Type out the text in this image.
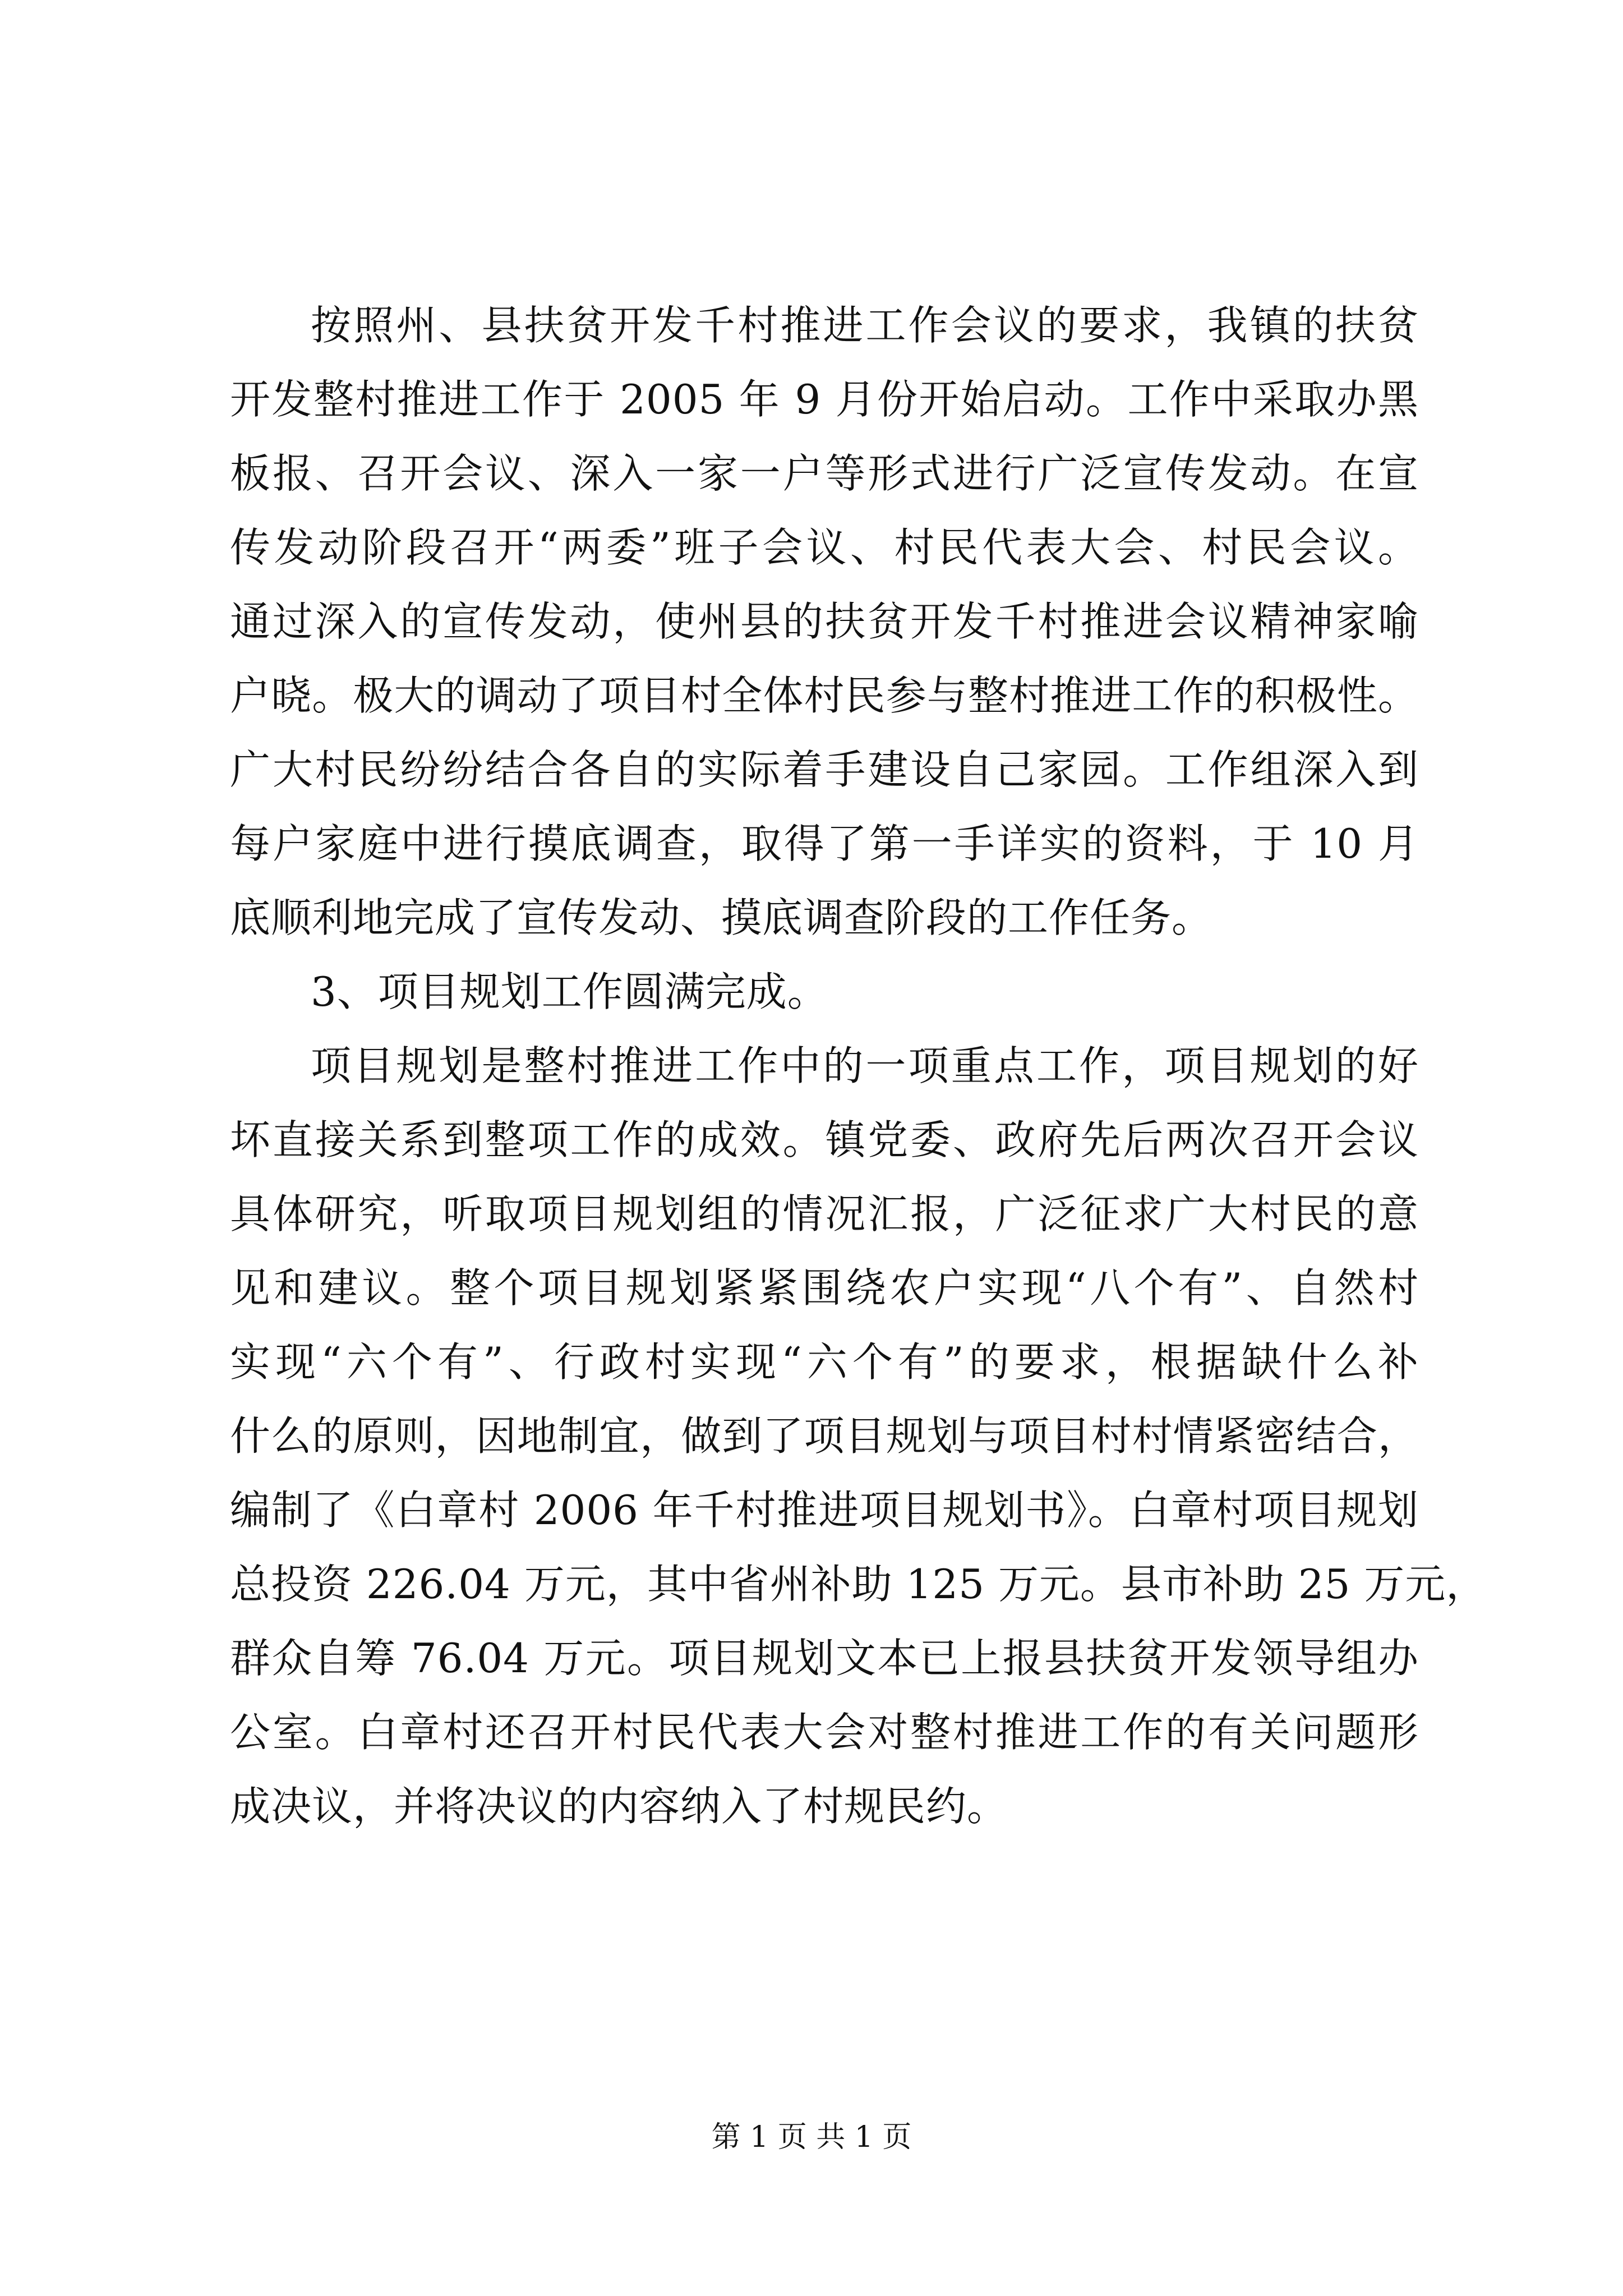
按照州、县扶贫开发千村推进工作会议的要求，我镇的扶贫
开发整村推进工作于 2005 年 9 月份开始启动。工作中采取办黑
板报、召开会议、深入一家一户等形式进行广泛宣传发动。在宣
传发动阶段召开“两委”班子会议、村民代表大会、村民会议。
通过深入的宣传发动，使州县的扶贫开发千村推进会议精神家喻
户晓。极大的调动了项目村全体村民参与整村推进工作的积极性。
广大村民纷纷结合各自的实际着手建设自己家园。工作组深入到
每户家庭中进行摸底调查，取得了第一手详实的资料，于 10 月
底顺利地完成了宣传发动、摸底调查阶段的工作任务。
3、项目规划工作圆满完成。
项目规划是整村推进工作中的一项重点工作，项目规划的好
坏直接关系到整项工作的成效。镇党委、政府先后两次召开会议
具体研究，听取项目规划组的情况汇报，广泛征求广大村民的意
见和建议。整个项目规划紧紧围绕农户实现“八个有”、自然村
实现“六个有”、行政村实现“六个有”的要求，根据缺什么补
什么的原则，因地制宜，做到了项目规划与项目村村情紧密结合，
编制了《白章村 2006 年千村推进项目规划书》。白章村项目规划
总投资 226.04 万元，其中省州补助 125 万元。县市补助 25 万元，
群众自筹 76.04 万元。项目规划文本已上报县扶贫开发领导组办
公室。白章村还召开村民代表大会对整村推进工作的有关问题形
成决议，并将决议的内容纳入了村规民约。
第 1 页 共 1 页
